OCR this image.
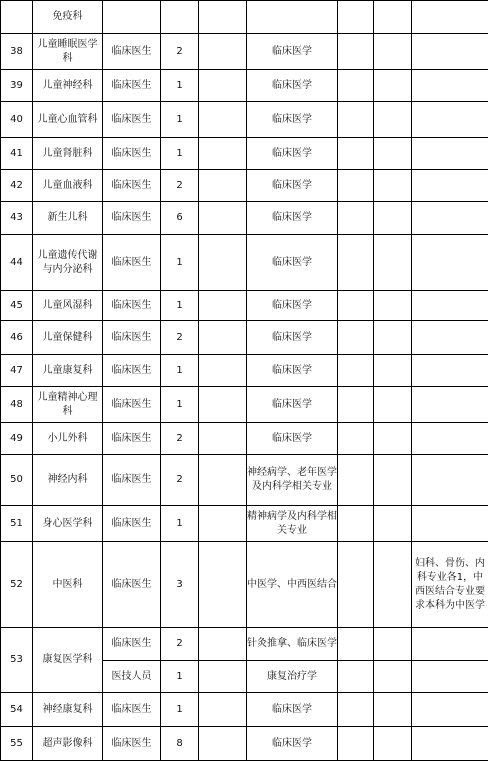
	免疫科							
38	儿童睡眠医学科	临床医生	2		临床医学			
39	儿童神经科	临床医生	1		临床医学			
40	儿童心血管科	临床医生	1		临床医学			
41	儿童肾脏科	临床医生	1		临床医学			
42	儿童血液科	临床医生	2		临床医学			
43	新生儿科	临床医生	6		临床医学			
44	儿童遗传代谢与内分泌科	临床医生	1		临床医学			
45	儿童风湿科	临床医生	1		临床医学			
46	儿童保健科	临床医生	2		临床医学			
47	儿童康复科	临床医生	1		临床医学			
48	儿童精神心理科	临床医生	1		临床医学			
49	小儿外科	临床医生	2		临床医学			
50	神经内科	临床医生	2		神经病学、老年医学及内科学相关专业			
51	身心医学科	临床医生	1		精神病学及内科学相关专业			
52	中医科	临床医生	3		中医学、中西医结合			妇科、骨伤、内科专业各1，中西医结合专业要求本科为中医学
53	康复医学科	临床医生	2		针灸推拿、临床医学			
		医技人员	1		康复治疗学			
54	神经康复科	临床医生	1		临床医学			
55	超声影像科	临床医生	8		临床医学			
